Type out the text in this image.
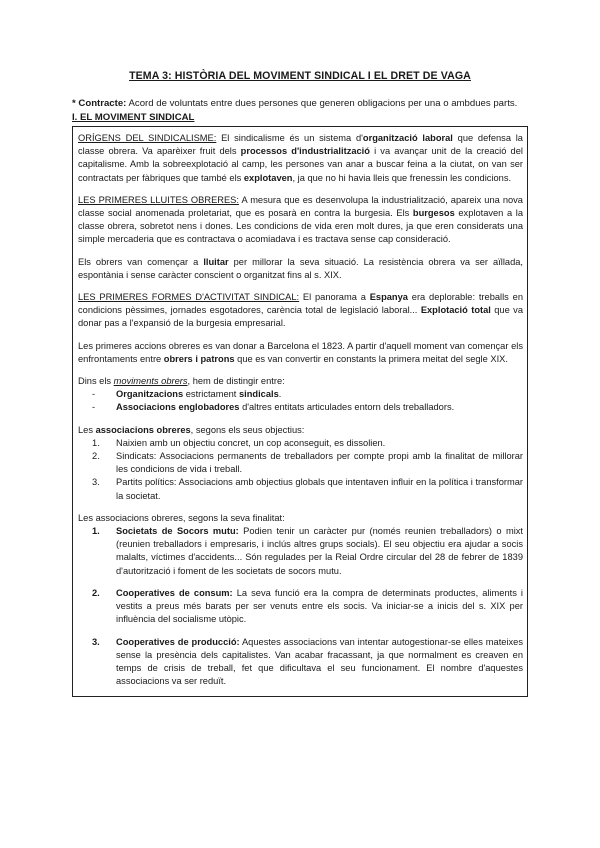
TEMA 3: HISTÒRIA DEL MOVIMENT SINDICAL I EL DRET DE VAGA

* Contracte: Acord de voluntats entre dues persones que generen obligacions per una o ambdues parts.

I. EL MOVIMENT SINDICAL

ORÍGENS DEL SINDICALISME: El sindicalisme és un sistema d'organització laboral que defensa la classe obrera. Va aparèixer fruit dels processos d'industrialització i va avançar unit de la creació del capitalisme. Amb la sobreexplotació al camp, les persones van anar a buscar feina a la ciutat, on van ser contractats per fàbriques que també els explotaven, ja que no hi havia lleis que frenessin les condicions.

LES PRIMERES LLUITES OBRERES: A mesura que es desenvolupa la industrialització, apareix una nova classe social anomenada proletariat, que es posarà en contra la burgesia. Els burgesos explotaven a la classe obrera, sobretot nens i dones. Les condicions de vida eren molt dures, ja que eren considerats una simple mercaderia que es contractava o acomiadava i es tractava sense cap consideració.

Els obrers van començar a lluitar per millorar la seva situació. La resistència obrera va ser aïllada, espontània i sense caràcter conscient o organitzat fins al s. XIX.

LES PRIMERES FORMES D'ACTIVITAT SINDICAL: El panorama a Espanya era deplorable: treballs en condicions pèssimes, jornades esgotadores, carència total de legislació laboral... Explotació total que va donar pas a l'expansió de la burgesia empresarial.

Les primeres accions obreres es van donar a Barcelona el 1823. A partir d'aquell moment van començar els enfrontaments entre obrers i patrons que es van convertir en constants la primera meitat del segle XIX.

Dins els moviments obrers, hem de distingir entre:

- Organitzacions estrictament sindicals.
- Associacions englobadores d'altres entitats articulades entorn dels treballadors.

Les associacions obreres, segons els seus objectius:

1. Naixien amb un objectiu concret, un cop aconseguit, es dissolien.
2. Sindicats: Associacions permanents de treballadors per compte propi amb la finalitat de millorar les condicions de vida i treball.
3. Partits polítics: Associacions amb objectius globals que intentaven influir en la política i transformar la societat.

Les associacions obreres, segons la seva finalitat:

1. Societats de Socors mutu: Podien tenir un caràcter pur (només reunien treballadors) o mixt (reunien treballadors i empresaris, i inclús altres grups socials). El seu objectiu era ajudar a socis malalts, víctimes d'accidents... Són regulades per la Reial Ordre circular del 28 de febrer de 1839 d'autorització i foment de les societats de socors mutu.
2. Cooperatives de consum: La seva funció era la compra de determinats productes, aliments i vestits a preus més barats per ser venuts entre els socis. Va iniciar-se a inicis del s. XIX per influència del socialisme utòpic.
3. Cooperatives de producció: Aquestes associacions van intentar autogestionar-se elles mateixes sense la presència dels capitalistes. Van acabar fracassant, ja que normalment es creaven en temps de crisis de treball, fet que dificultava el seu funcionament. El nombre d'aquestes associacions va ser reduït.
